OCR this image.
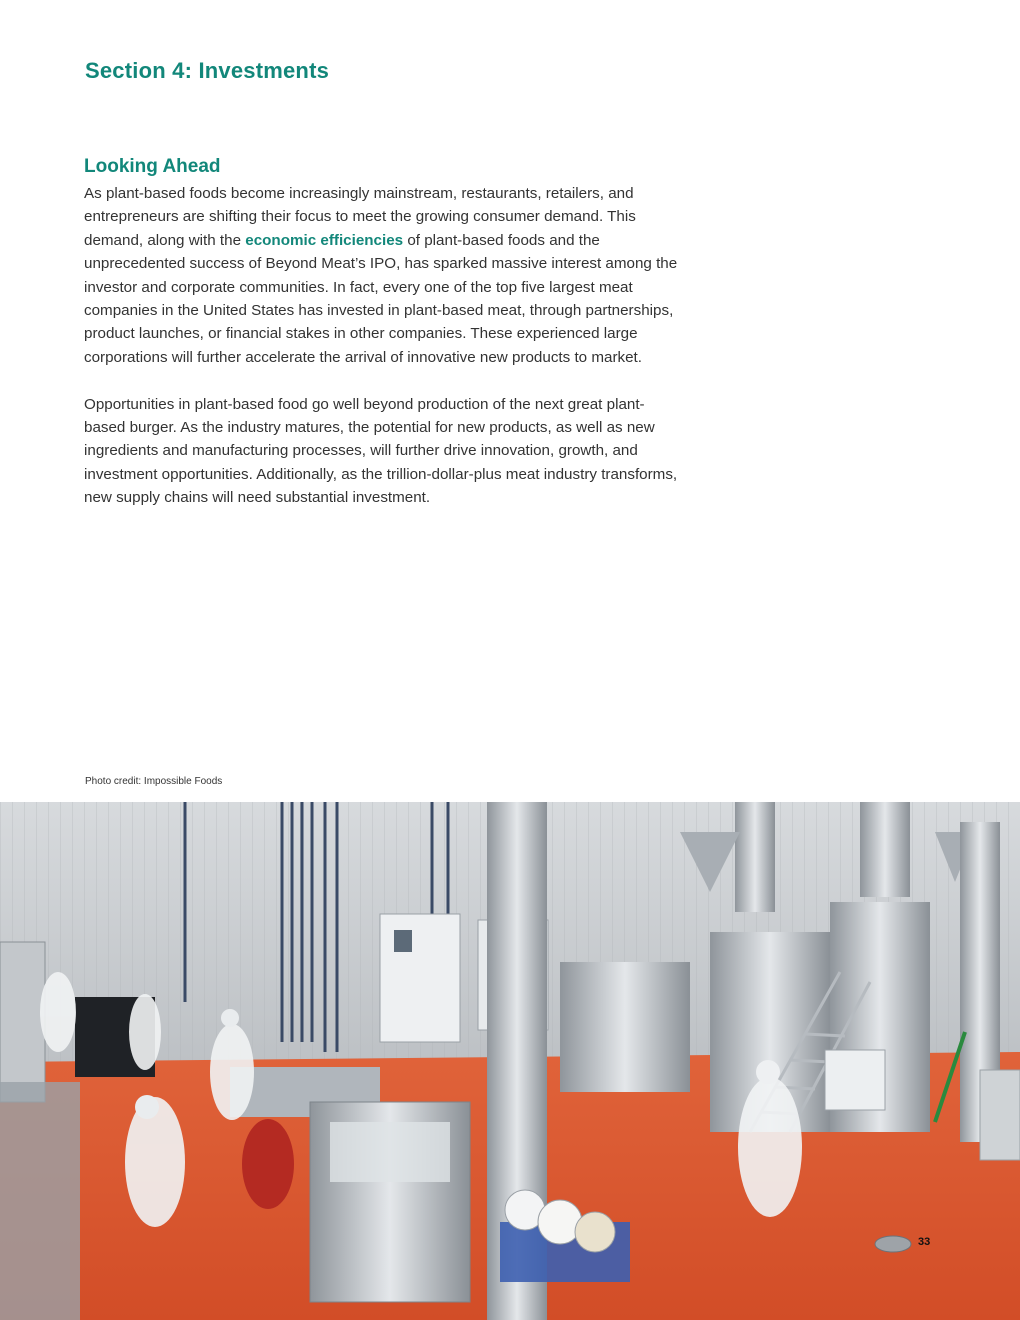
Section 4: Investments
Looking Ahead

As plant-based foods become increasingly mainstream, restaurants, retailers, and entrepreneurs are shifting their focus to meet the growing consumer demand. This demand, along with the economic efficiencies of plant-based foods and the unprecedented success of Beyond Meat’s IPO, has sparked massive interest among the investor and corporate communities. In fact, every one of the top five largest meat companies in the United States has invested in plant-based meat, through partnerships, product launches, or financial stakes in other companies. These experienced large corporations will further accelerate the arrival of innovative new products to market.

Opportunities in plant-based food go well beyond production of the next great plant-based burger. As the industry matures, the potential for new products, as well as new ingredients and manufacturing processes, will further drive innovation, growth, and investment opportunities. Additionally, as the trillion-dollar-plus meat industry transforms, new supply chains will need substantial investment.

Photo credit: Impossible Foods
33
